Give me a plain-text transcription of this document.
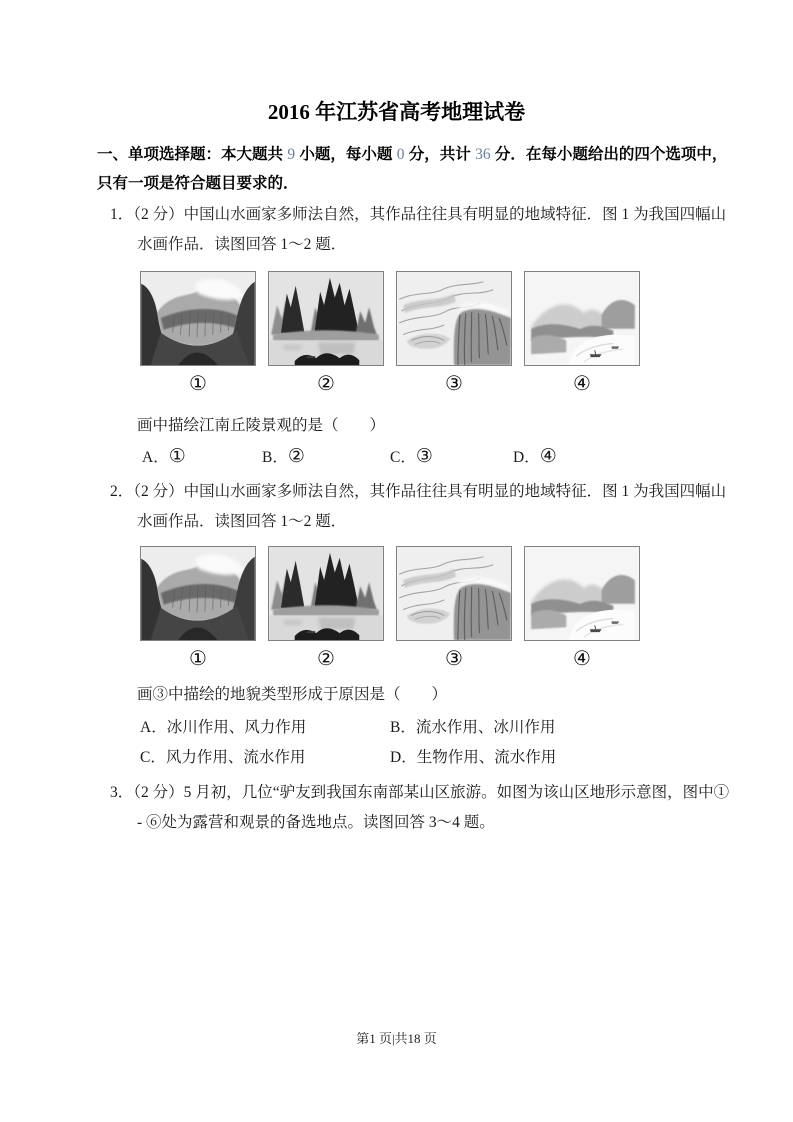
2016 年江苏省高考地理试卷
一、单项选择题：本大题共 9 小题，每小题 0 分，共计 36 分．在每小题给出的四个选项中，
只有一项是符合题目要求的．
1．（2 分）中国山水画家多师法自然，其作品往往具有明显的地域特征．图 1 为我国四幅山
水画作品．读图回答 1～2 题．
①	②	③	④
画中描绘江南丘陵景观的是（　　）
A．①	B．②	C．③	D．④
2．（2 分）中国山水画家多师法自然，其作品往往具有明显的地域特征．图 1 为我国四幅山
水画作品．读图回答 1～2 题．
①	②	③	④
画③中描绘的地貌类型形成于原因是（　　）
A．冰川作用、风力作用	B．流水作用、冰川作用
C．风力作用、流水作用	D．生物作用、流水作用
3．（2 分）5 月初，几位“驴友到我国东南部某山区旅游。如图为该山区地形示意图，图中①
- ⑥处为露营和观景的备选地点。读图回答 3～4 题。
第1 页|共18 页
